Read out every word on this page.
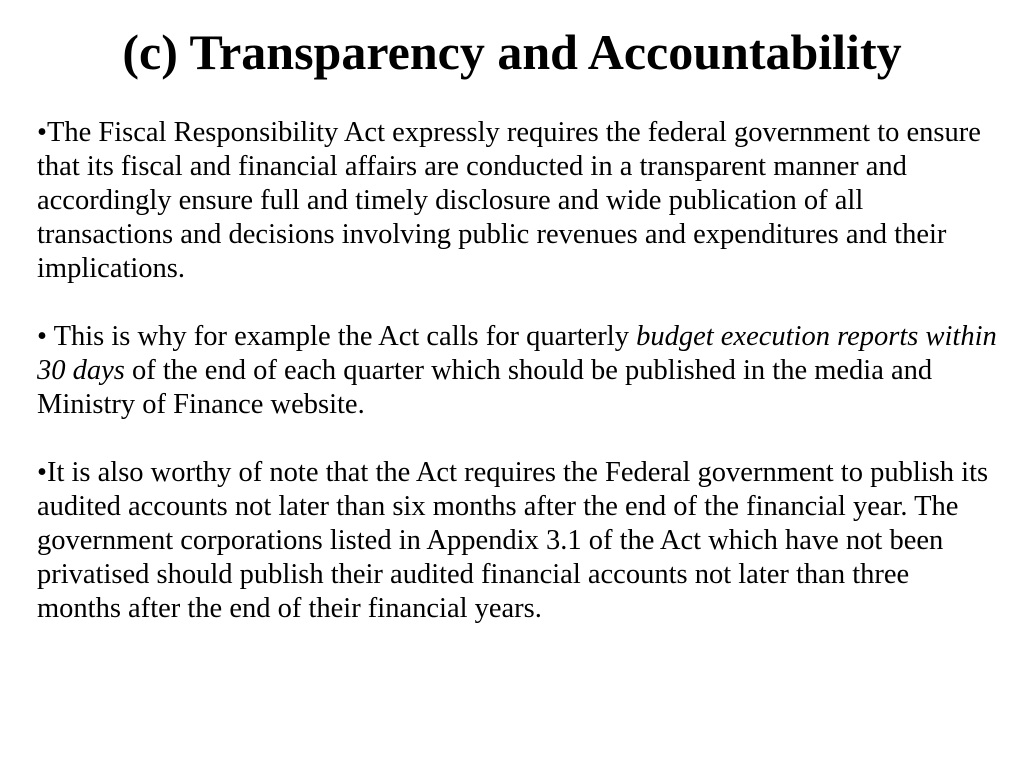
(c) Transparency and Accountability

•The Fiscal Responsibility Act expressly requires the federal government to ensure that its fiscal and financial affairs are conducted in a transparent manner and accordingly ensure full and timely disclosure and wide publication of all transactions and decisions involving public revenues and expenditures and their implications.

• This is why for example the Act calls for quarterly budget execution reports within 30 days of the end of each quarter which should be published in the media and Ministry of Finance website.

•It is also worthy of note that the Act requires the Federal government to publish its audited accounts not later than six months after the end of the financial year. The government corporations listed in Appendix 3.1 of the Act which have not been privatised should publish their audited financial accounts not later than three months after the end of their financial years.
